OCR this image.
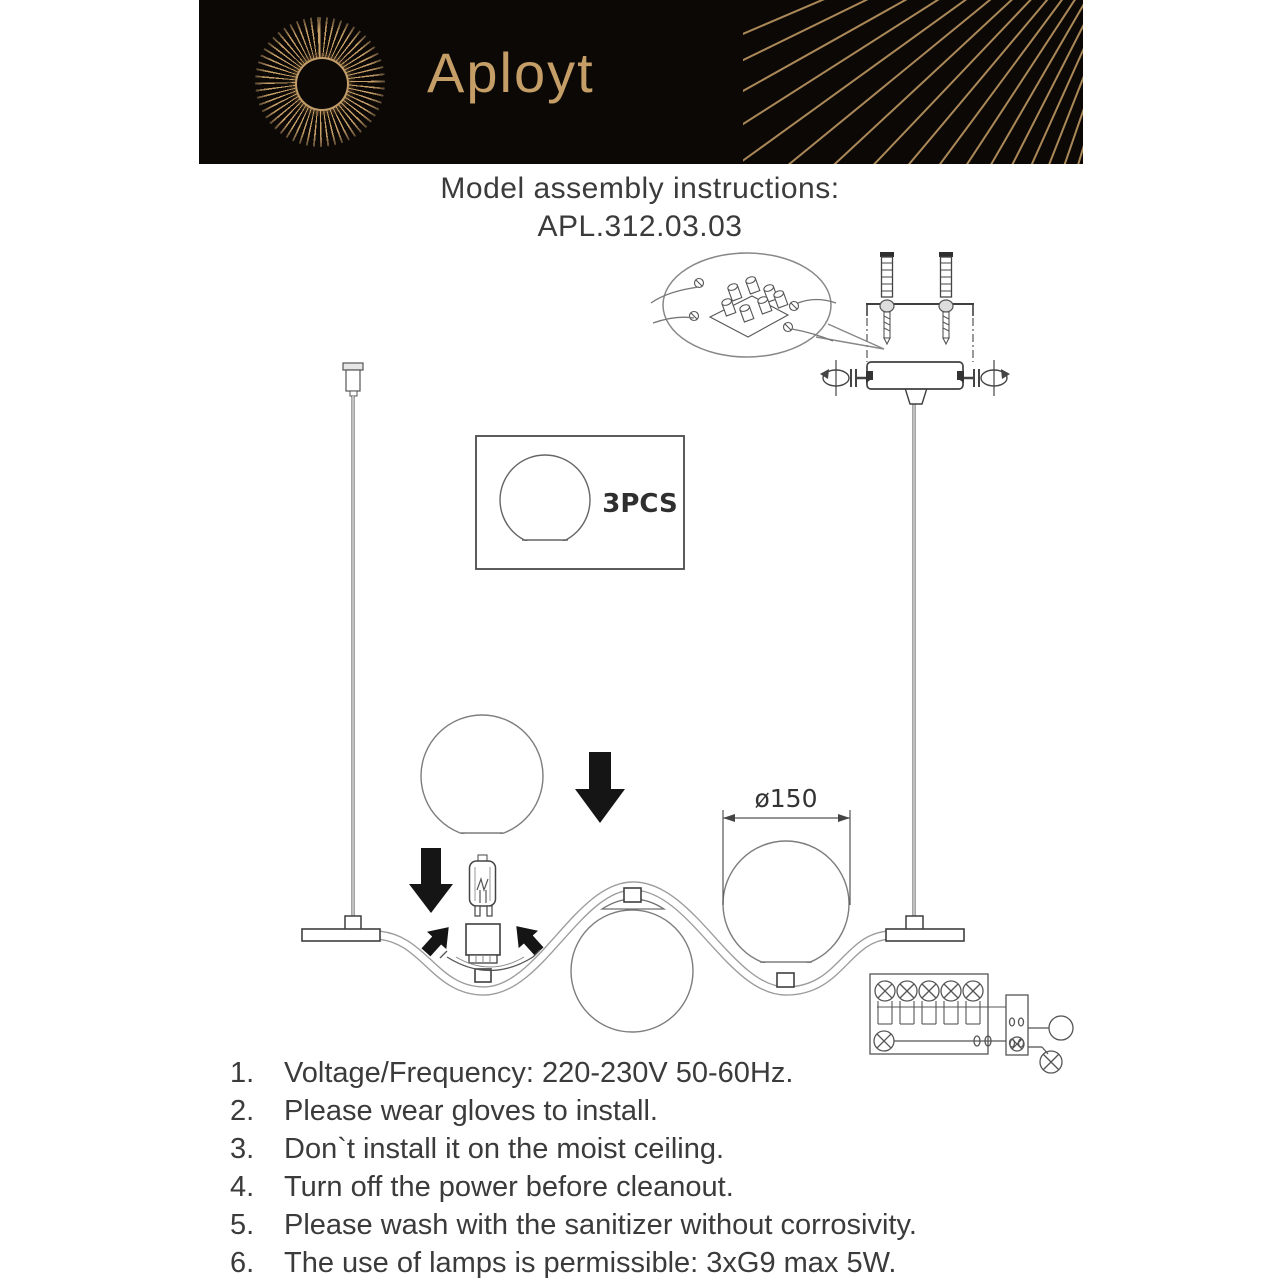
Aployt
Model assembly instructions:
APL.312.03.03
3PCS
ø150
1.	Voltage/Frequency: 220-230V 50-60Hz.
2.	Please wear gloves to install.
3.	Don`t install it on the moist ceiling.
4.	Turn off the power before cleanout.
5.	Please wash with the sanitizer without corrosivity.
6.	The use of lamps is permissible: 3xG9 max 5W.
